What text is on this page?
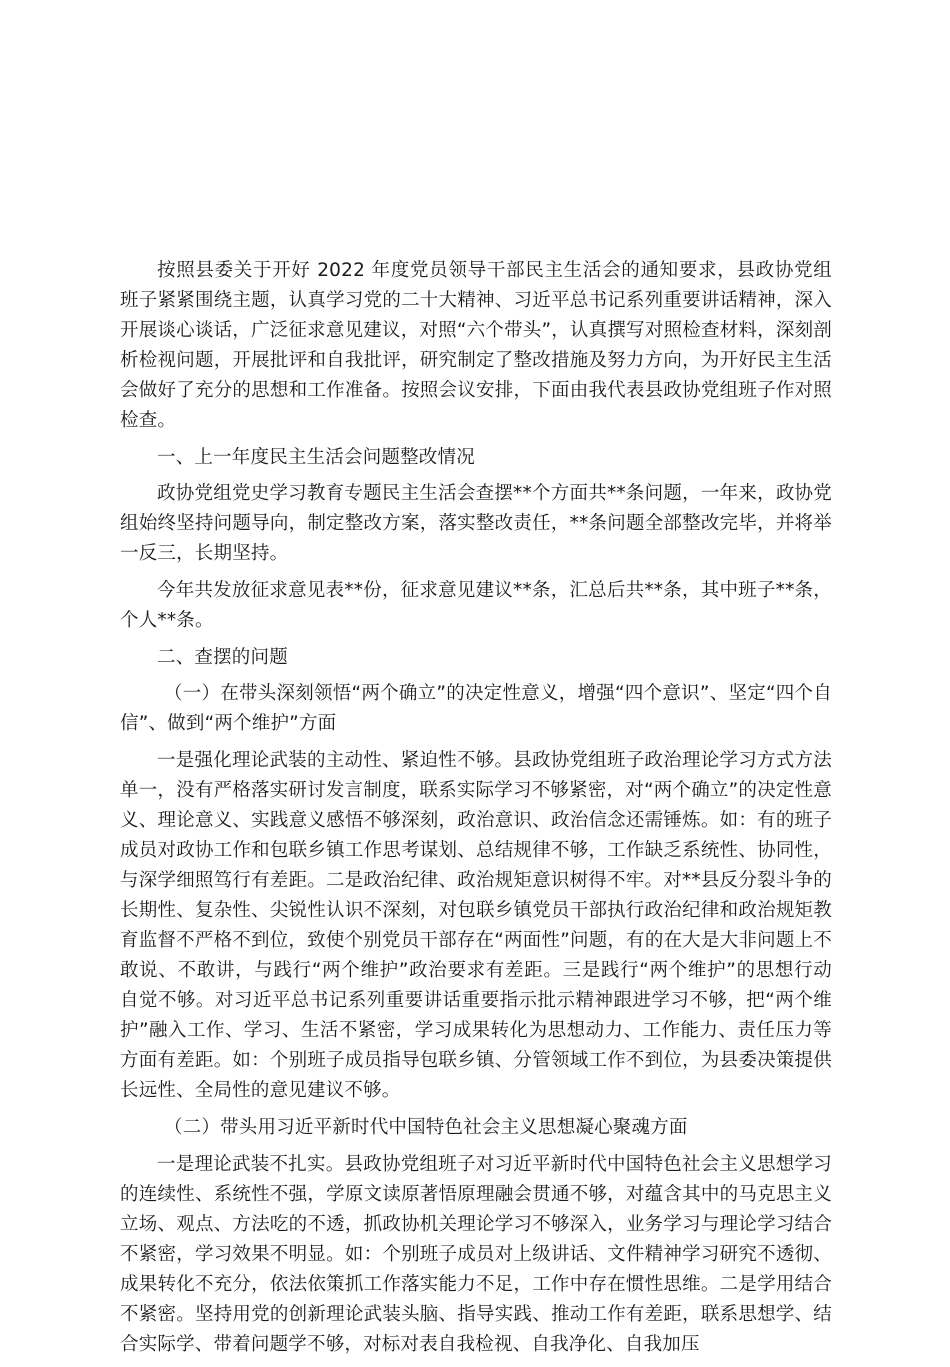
按照县委关于开好 2022 年度党员领导干部民主生活会的通知要求，县政协党组班子紧紧围绕主题，认真学习党的二十大精神、习近平总书记系列重要讲话精神，深入开展谈心谈话，广泛征求意见建议，对照“六个带头”，认真撰写对照检查材料，深刻剖析检视问题，开展批评和自我批评，研究制定了整改措施及努力方向，为开好民主生活会做好了充分的思想和工作准备。按照会议安排，下面由我代表县政协党组班子作对照检查。

一、上一年度民主生活会问题整改情况

政协党组党史学习教育专题民主生活会查摆**个方面共**条问题，一年来，政协党组始终坚持问题导向，制定整改方案，落实整改责任，**条问题全部整改完毕，并将举一反三，长期坚持。

今年共发放征求意见表**份，征求意见建议**条，汇总后共**条，其中班子**条，个人**条。

二、查摆的问题

（一）在带头深刻领悟“两个确立”的决定性意义，增强“四个意识”、坚定“四个自信”、做到“两个维护”方面

一是强化理论武装的主动性、紧迫性不够。县政协党组班子政治理论学习方式方法单一，没有严格落实研讨发言制度，联系实际学习不够紧密，对“两个确立”的决定性意义、理论意义、实践意义感悟不够深刻，政治意识、政治信念还需锤炼。如：有的班子成员对政协工作和包联乡镇工作思考谋划、总结规律不够，工作缺乏系统性、协同性，与深学细照笃行有差距。二是政治纪律、政治规矩意识树得不牢。对**县反分裂斗争的长期性、复杂性、尖锐性认识不深刻，对包联乡镇党员干部执行政治纪律和政治规矩教育监督不严格不到位，致使个别党员干部存在“两面性”问题，有的在大是大非问题上不敢说、不敢讲，与践行“两个维护”政治要求有差距。三是践行“两个维护”的思想行动自觉不够。对习近平总书记系列重要讲话重要指示批示精神跟进学习不够，把“两个维护”融入工作、学习、生活不紧密，学习成果转化为思想动力、工作能力、责任压力等方面有差距。如：个别班子成员指导包联乡镇、分管领域工作不到位，为县委决策提供长远性、全局性的意见建议不够。

（二）带头用习近平新时代中国特色社会主义思想凝心聚魂方面

一是理论武装不扎实。县政协党组班子对习近平新时代中国特色社会主义思想学习的连续性、系统性不强，学原文读原著悟原理融会贯通不够，对蕴含其中的马克思主义立场、观点、方法吃的不透，抓政协机关理论学习不够深入，业务学习与理论学习结合不紧密，学习效果不明显。如：个别班子成员对上级讲话、文件精神学习研究不透彻、成果转化不充分，依法依策抓工作落实能力不足，工作中存在惯性思维。二是学用结合不紧密。坚持用党的创新理论武装头脑、指导实践、推动工作有差距，联系思想学、结合实际学、带着问题学不够，对标对表自我检视、自我净化、自我加压
